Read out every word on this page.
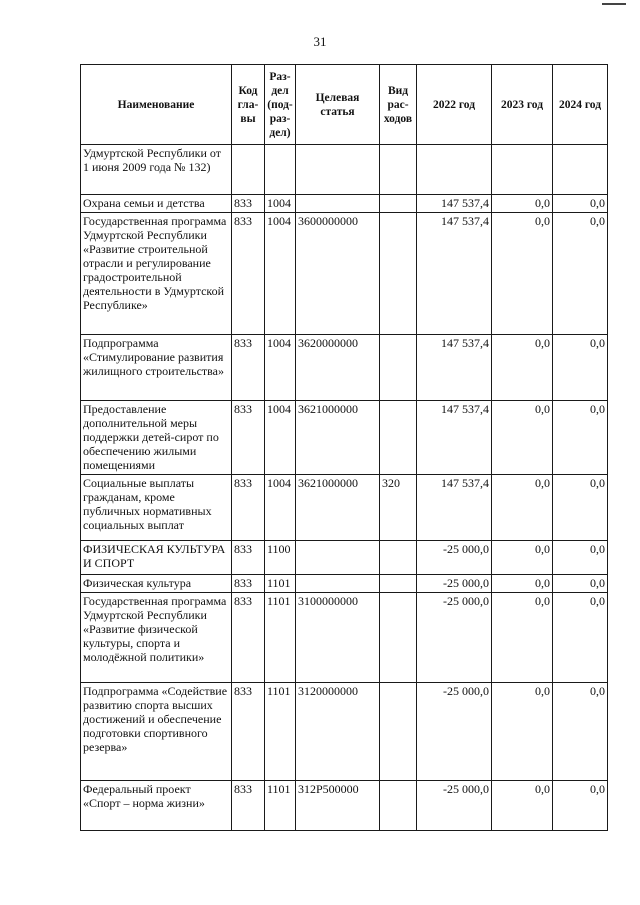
31
Наименование	Код гла-вы	Раз-дел (под-раз-дел)	Целевая статья	Вид рас-ходов	2022 год	2023 год	2024 год
Удмуртской Республики от 1 июня 2009 года № 132)							
Охрана семьи и детства	833	1004			147 537,4	0,0	0,0
Государственная программа Удмуртской Республики «Развитие строительной отрасли и регулирование градостроительной деятельности в Удмуртской Республике»	833	1004	3600000000		147 537,4	0,0	0,0
Подпрограмма «Стимулирование развития жилищного строительства»	833	1004	3620000000		147 537,4	0,0	0,0
Предоставление дополнительной меры поддержки детей-сирот по обеспечению жилыми помещениями	833	1004	3621000000		147 537,4	0,0	0,0
Социальные выплаты гражданам, кроме публичных нормативных социальных выплат	833	1004	3621000000	320	147 537,4	0,0	0,0
ФИЗИЧЕСКАЯ КУЛЬТУРА И СПОРТ	833	1100			-25 000,0	0,0	0,0
Физическая культура	833	1101			-25 000,0	0,0	0,0
Государственная программа Удмуртской Республики «Развитие физической культуры, спорта и молодёжной политики»	833	1101	3100000000		-25 000,0	0,0	0,0
Подпрограмма «Содействие развитию спорта высших достижений и обеспечение подготовки спортивного резерва»	833	1101	3120000000		-25 000,0	0,0	0,0
Федеральный проект «Спорт – норма жизни»	833	1101	312P500000		-25 000,0	0,0	0,0
